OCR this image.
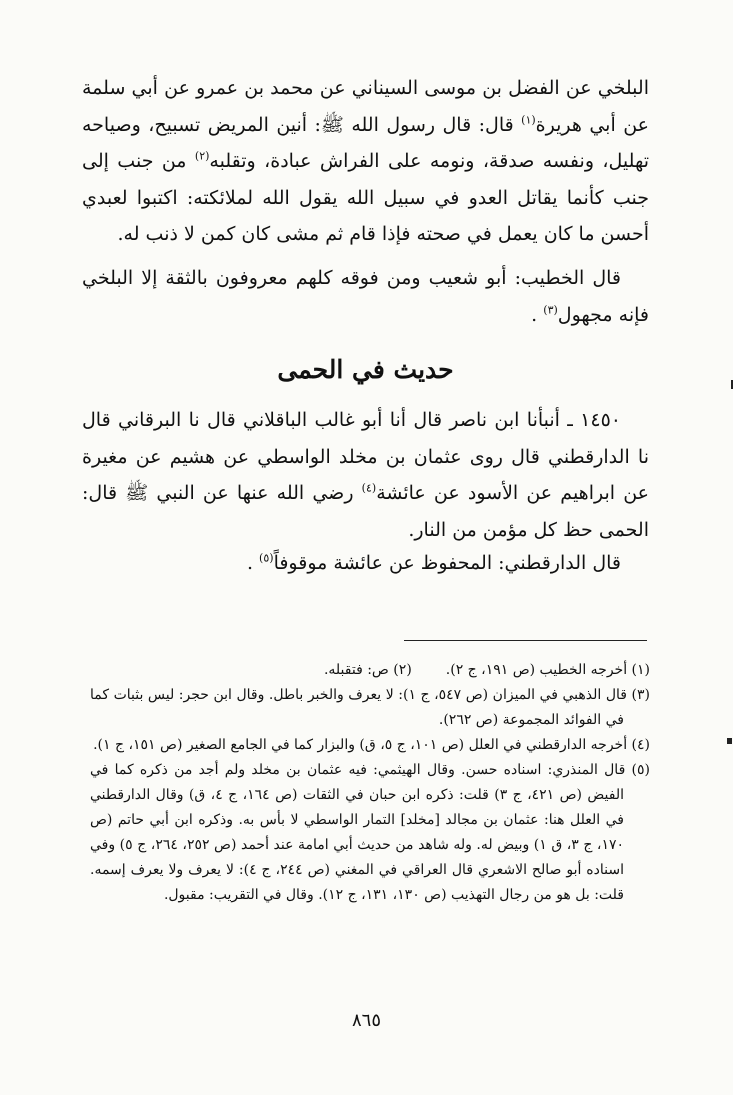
البلخي عن الفضل بن موسى السيناني عن محمد بن عمرو عن أبي سلمة عن أبي هريرة$^{(١)}$ قال: قال رسول الله ﷺ: أنين المريض تسبيح، وصياحه تهليل، ونفسه صدقة، ونومه على الفراش عبادة، وتقلبه$^{(٢)}$ من جنب إلى جنب كأنما يقاتل العدو في سبيل الله يقول الله لملائكته: اكتبوا لعبدي أحسن ما كان يعمل في صحته فإذا قام ثم مشى كان كمن لا ذنب له.
قال الخطيب: أبو شعيب ومن فوقه كلهم معروفون بالثقة إلا البلخي فإنه مجهول$^{(٣)}$ .
حديث في الحمى
١٤٥٠ ـ أنبأنا ابن ناصر قال أنا أبو غالب الباقلاني قال نا البرقاني قال نا الدارقطني قال روى عثمان بن مخلد الواسطي عن هشيم عن مغيرة عن ابراهيم عن الأسود عن عائشة$^{(٤)}$ رضي الله عنها عن النبي ﷺ قال: الحمى حظ كل مؤمن من النار.
قال الدارقطني: المحفوظ عن عائشة موقوفاً$^{(٥)}$ .
(١) أخرجه الخطيب (ص ١٩١، ج ٢).
(٢) ص: فتقبله.

(٣) قال الذهبي في الميزان (ص ٥٤٧، ج ١): لا يعرف والخبر باطل. وقال ابن حجر: ليس بثبات كما في الفوائد المجموعة (ص ٢٦٢).

(٤) أخرجه الدارقطني في العلل (ص ١٠١، ج ٥، ق) والبزار كما في الجامع الصغير (ص ١٥١، ج ١).

(٥) قال المنذري: اسناده حسن. وقال الهيثمي: فيه عثمان بن مخلد ولم أجد من ذكره كما في الفيض (ص ٤٢١، ج ٣) قلت: ذكره ابن حبان في الثقات (ص ١٦٤، ج ٤، ق) وقال الدارقطني في العلل هنا: عثمان بن مجالد [مخلد] التمار الواسطي لا بأس به. وذكره ابن أبي حاتم (ص ١٧٠، ج ٣، ق ١) وبيض له. وله شاهد من حديث أبي امامة عند أحمد (ص ٢٥٢، ٢٦٤، ج ٥) وفي اسناده أبو صالح الاشعري قال العراقي في المغني (ص ٢٤٤، ج ٤): لا يعرف ولا يعرف إسمه. قلت: بل هو من رجال التهذيب (ص ١٣٠، ١٣١، ج ١٢). وقال في التقريب: مقبول.

٨٦٥
